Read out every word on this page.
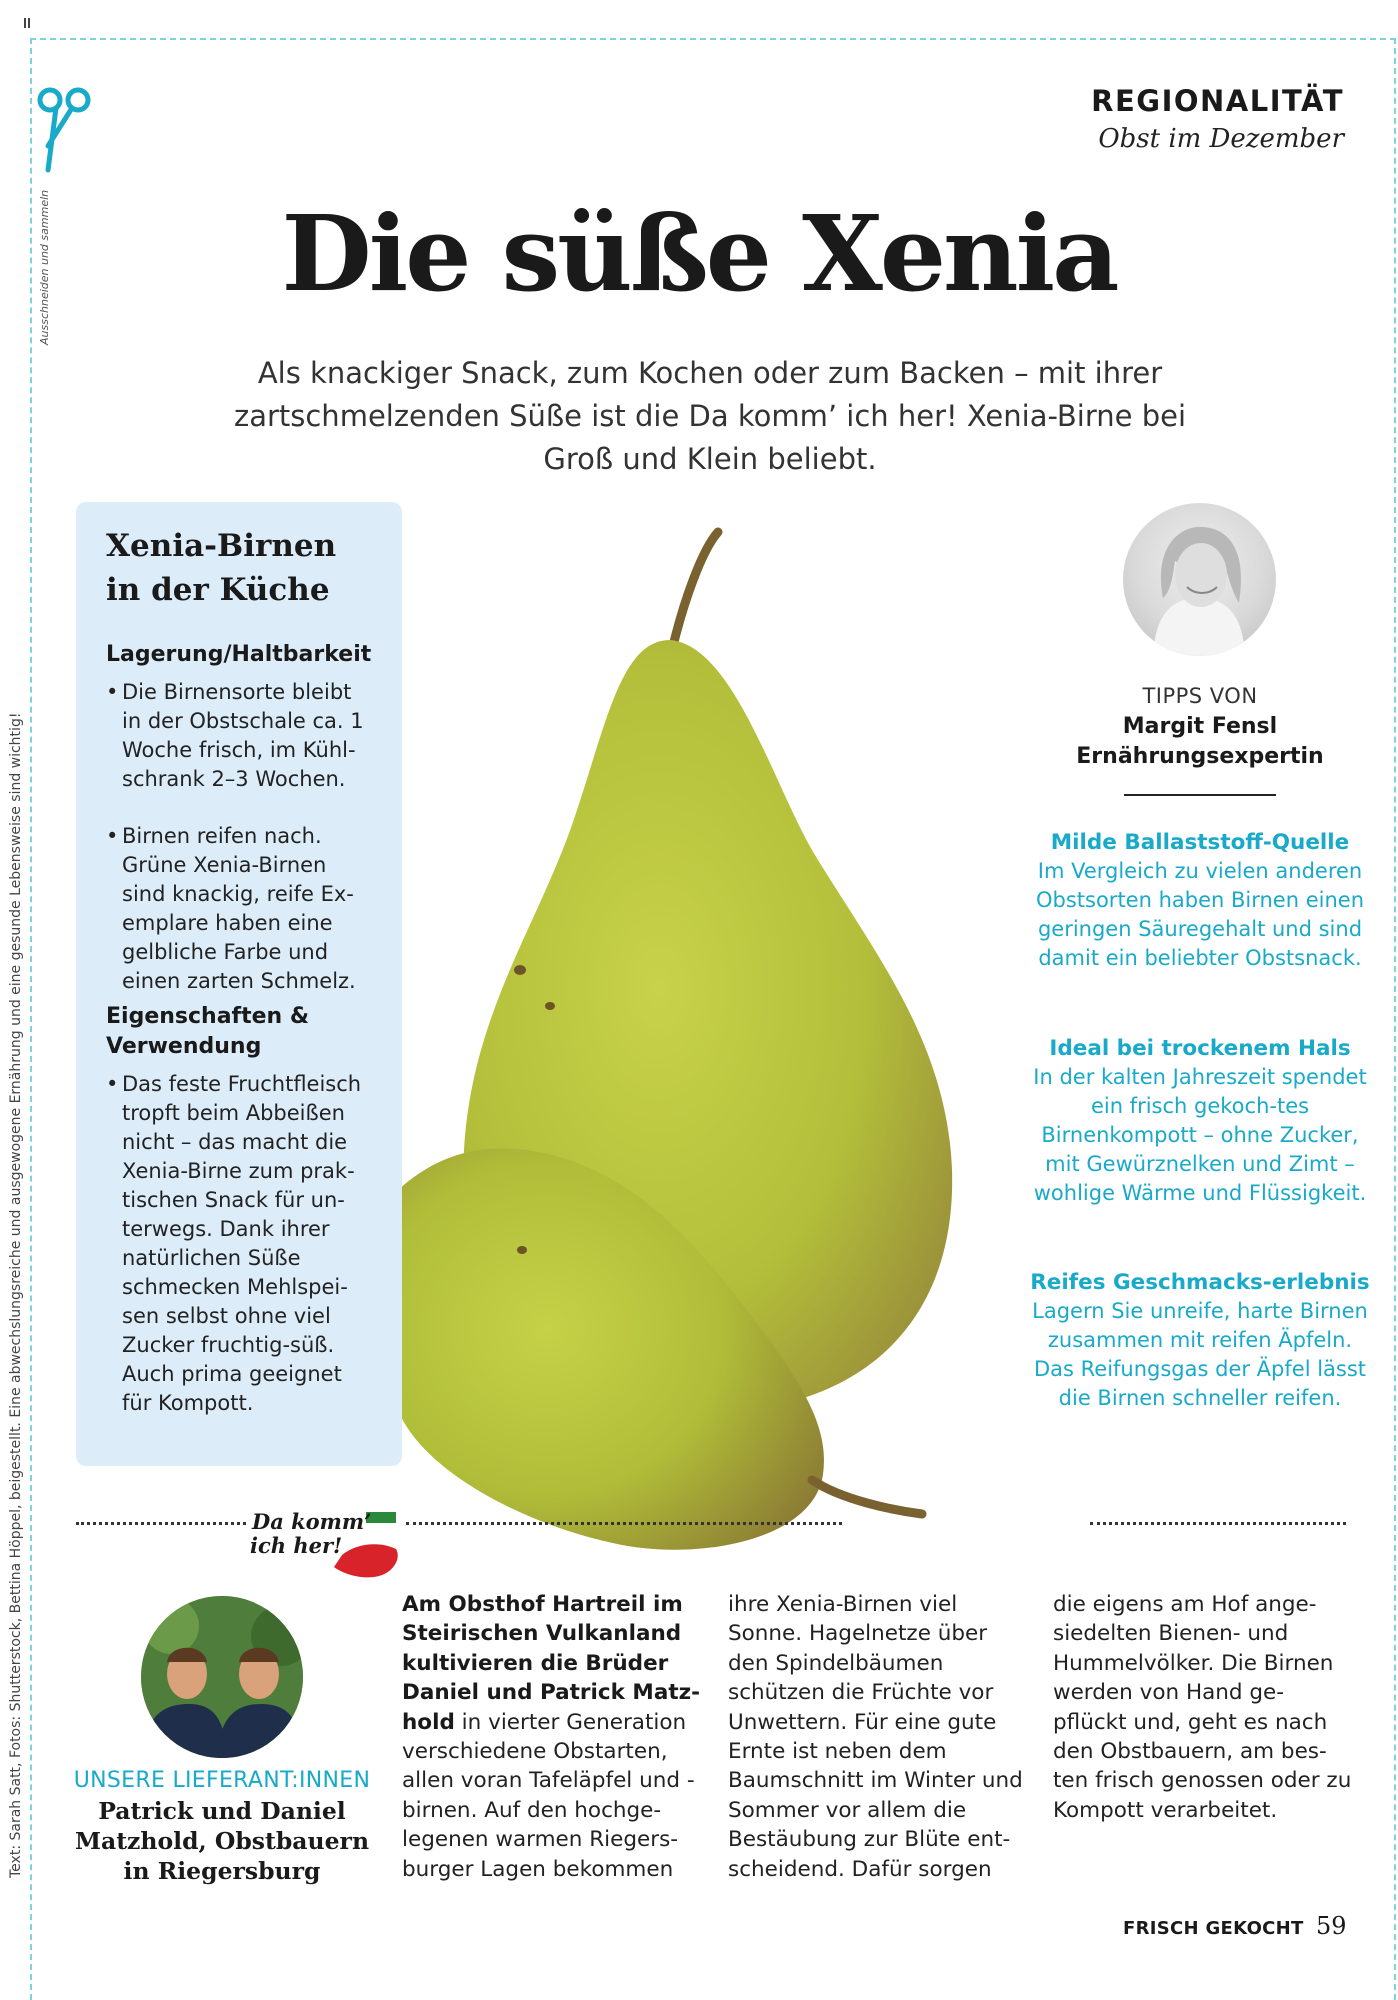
Ausschneiden und sammeln
Text: Sarah Satt, Fotos: Shutterstock, Bettina Höppel, beigestellt. Eine abwechslungsreiche und ausgewogene Ernährung und eine gesunde Lebensweise sind wichtig!
REGIONALITÄT
Obst im Dezember
Die süße Xenia

Als knackiger Snack, zum Kochen oder zum Backen – mit ihrer zartschmelzenden Süße ist die Da komm’ ich her! Xenia-Birne bei Groß und Klein beliebt.

Xenia-Birnen in der Küche
Lagerung/Haltbarkeit
• Die Birnensorte bleibt in der Obstschale ca. 1 Woche frisch, im Kühl-schrank 2–3 Wochen.
• Birnen reifen nach. Grüne Xenia-Birnen sind knackig, reife Ex-emplare haben eine gelbliche Farbe und einen zarten Schmelz.
Eigenschaften & Verwendung
• Das feste Fruchtfleisch tropft beim Abbeißen nicht – das macht die Xenia-Birne zum prak-tischen Snack für un-terwegs. Dank ihrer natürlichen Süße schmecken Mehlspei-sen selbst ohne viel Zucker fruchtig-süß. Auch prima geeignet für Kompott.
TIPPS VON
Margit Fensl
Ernährungsexpertin
Milde Ballaststoff-Quelle
Im Vergleich zu vielen anderen Obstsorten haben Birnen einen geringen Säuregehalt und sind damit ein beliebter Obstsnack.
Ideal bei trockenem Hals
In der kalten Jahreszeit spendet ein frisch gekoch-tes Birnenkompott – ohne Zucker, mit Gewürznelken und Zimt – wohlige Wärme und Flüssigkeit.
Reifes Geschmacks-erlebnis
Lagern Sie unreife, harte Birnen zusammen mit reifen Äpfeln. Das Reifungsgas der Äpfel lässt die Birnen schneller reifen.
Da komm’
ich her!
UNSERE LIEFERANT:INNEN
Patrick und Daniel Matzhold, Obstbauern in Riegersburg
Am Obsthof Hartreil im Steirischen Vulkanland kultivieren die Brüder Daniel und Patrick Matz-hold in vierter Generation verschiedene Obstarten, allen voran Tafeläpfel und -birnen. Auf den hochge-legenen warmen Riegers-burger Lagen bekommen
ihre Xenia-Birnen viel Sonne. Hagelnetze über den Spindelbäumen schützen die Früchte vor Unwettern. Für eine gute Ernte ist neben dem Baumschnitt im Winter und Sommer vor allem die Bestäubung zur Blüte ent-scheidend. Dafür sorgen
die eigens am Hof ange-siedelten Bienen- und Hummelvölker. Die Birnen werden von Hand ge-pflückt und, geht es nach den Obstbauern, am bes-ten frisch genossen oder zu Kompott verarbeitet.
FRISCH GEKOCHT 59
